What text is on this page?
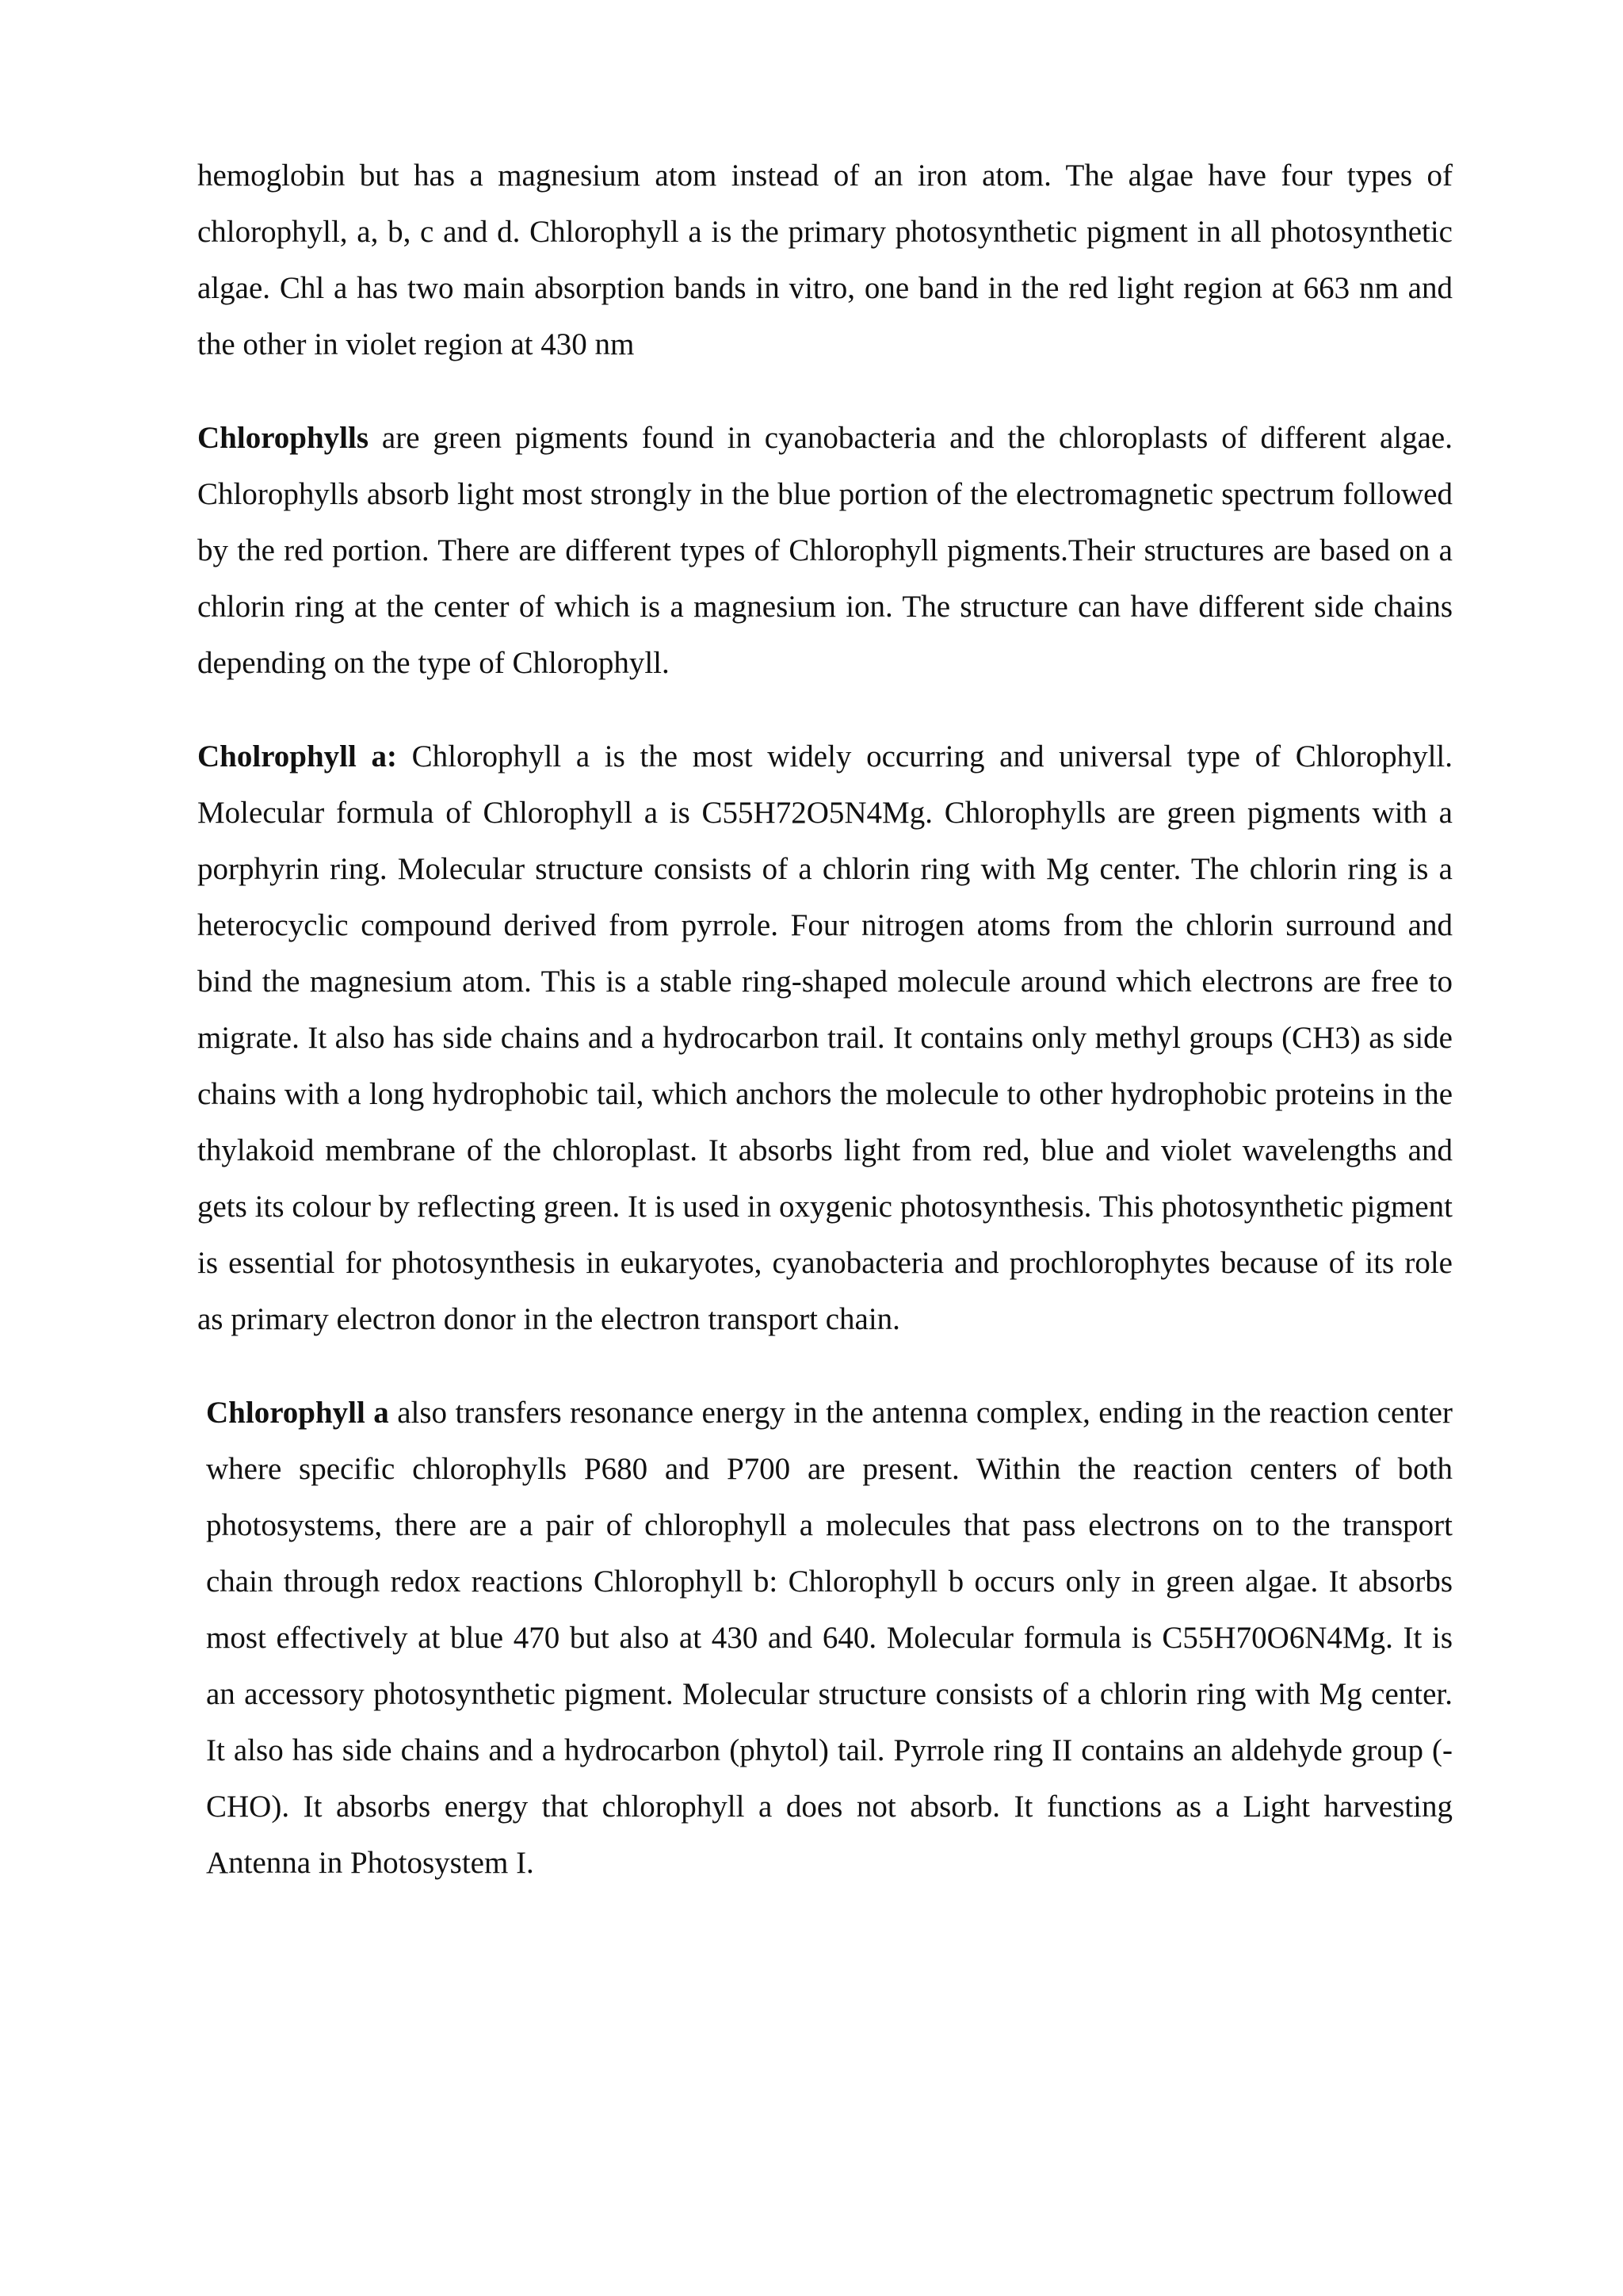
hemoglobin but has a magnesium atom instead of an iron atom. The algae have four types of chlorophyll, a, b, c and d. Chlorophyll a is the primary photosynthetic pigment in all photosynthetic algae. Chl a has two main absorption bands in vitro, one band in the red light region at 663 nm and the other in violet region at 430 nm

Chlorophylls are green pigments found in cyanobacteria and the chloroplasts of different algae. Chlorophylls absorb light most strongly in the blue portion of the electromagnetic spectrum followed by the red portion. There are different types of Chlorophyll pigments.Their structures are based on a chlorin ring at the center of which is a magnesium ion. The structure can have different side chains depending on the type of Chlorophyll.

Cholrophyll a: Chlorophyll a is the most widely occurring and universal type of Chlorophyll. Molecular formula of Chlorophyll a is C55H72O5N4Mg. Chlorophylls are green pigments with a porphyrin ring. Molecular structure consists of a chlorin ring with Mg center. The chlorin ring is a heterocyclic compound derived from pyrrole. Four nitrogen atoms from the chlorin surround and bind the magnesium atom. This is a stable ring-shaped molecule around which electrons are free to migrate. It also has side chains and a hydrocarbon trail. It contains only methyl groups (CH3) as side chains with a long hydrophobic tail, which anchors the molecule to other hydrophobic proteins in the thylakoid membrane of the chloroplast. It absorbs light from red, blue and violet wavelengths and gets its colour by reflecting green. It is used in oxygenic photosynthesis. This photosynthetic pigment is essential for photosynthesis in eukaryotes, cyanobacteria and prochlorophytes because of its role as primary electron donor in the electron transport chain.

Chlorophyll a also transfers resonance energy in the antenna complex, ending in the reaction center where specific chlorophylls P680 and P700 are present. Within the reaction centers of both photosystems, there are a pair of chlorophyll a molecules that pass electrons on to the transport chain through redox reactions Chlorophyll b: Chlorophyll b occurs only in green algae. It absorbs most effectively at blue 470 but also at 430 and 640. Molecular formula is C55H70O6N4Mg. It is an accessory photosynthetic pigment. Molecular structure consists of a chlorin ring with Mg center. It also has side chains and a hydrocarbon (phytol) tail. Pyrrole ring II contains an aldehyde group (- CHO). It absorbs energy that chlorophyll a does not absorb. It functions as a Light harvesting Antenna in Photosystem I.
